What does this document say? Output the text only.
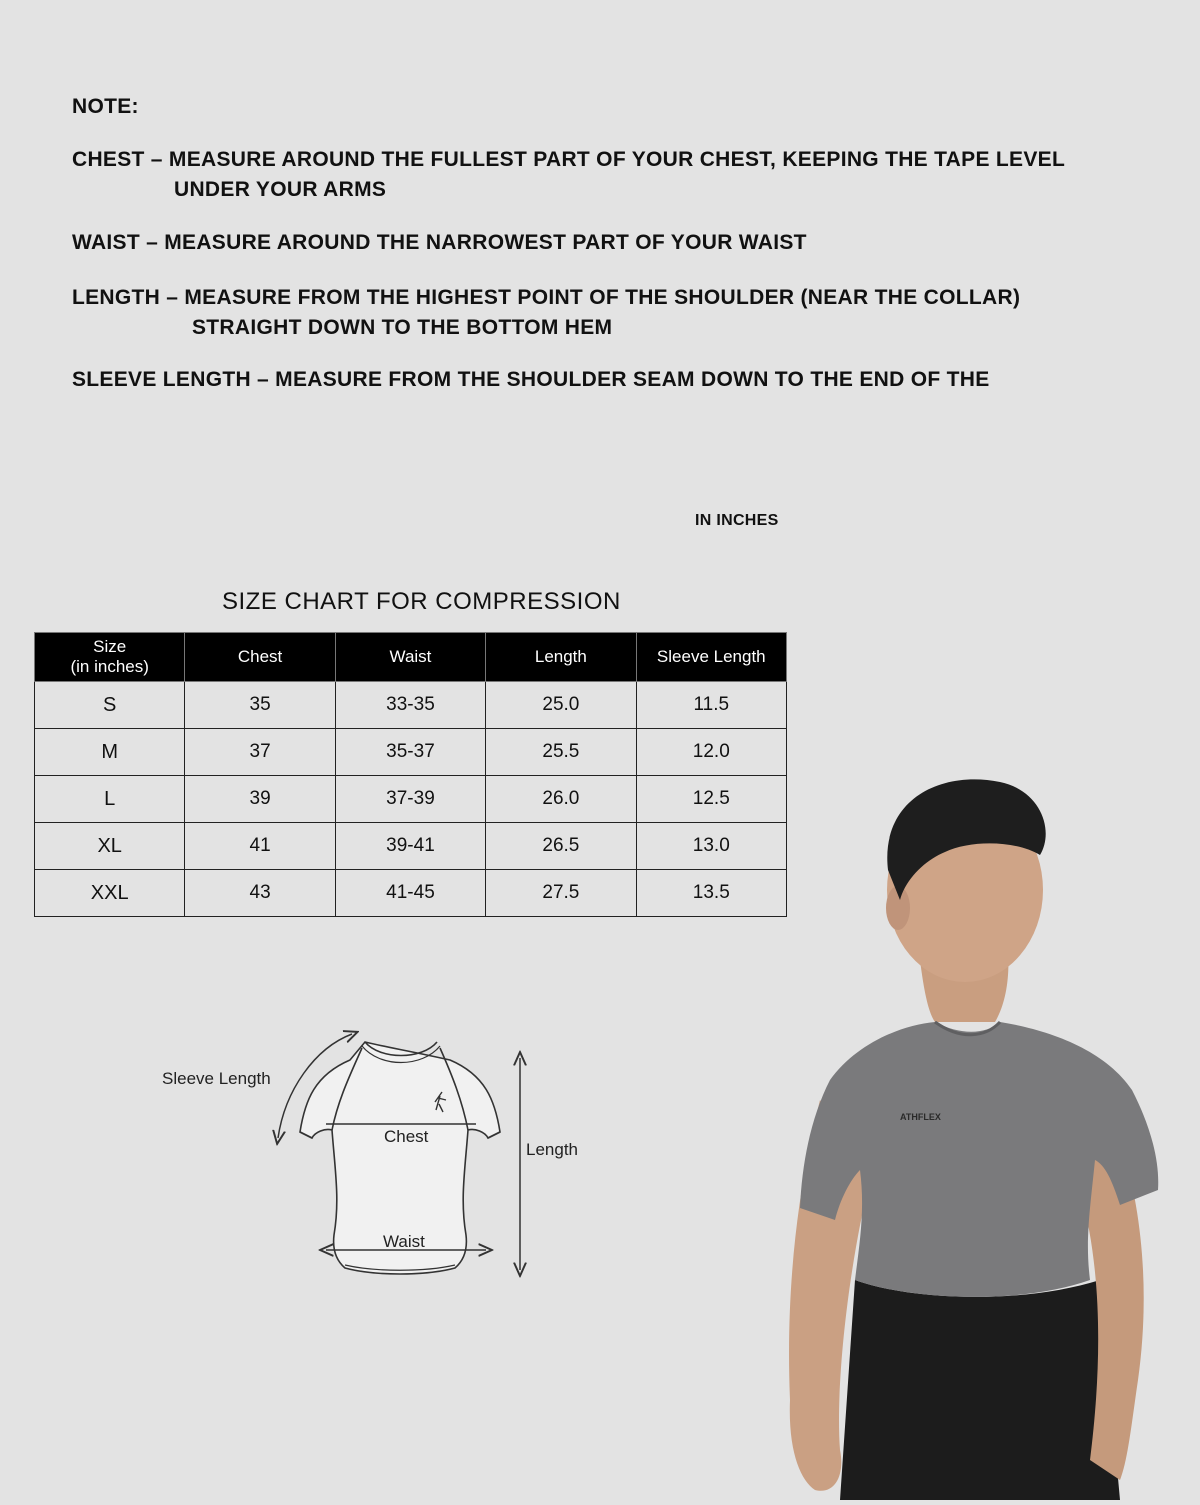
NOTE:
CHEST – MEASURE AROUND THE FULLEST PART OF YOUR CHEST, KEEPING THE TAPE LEVEL
UNDER YOUR ARMS
WAIST – MEASURE AROUND THE NARROWEST PART OF YOUR WAIST
LENGTH – MEASURE FROM THE HIGHEST POINT OF THE SHOULDER (NEAR THE COLLAR)
STRAIGHT DOWN TO THE BOTTOM HEM
SLEEVE LENGTH – MEASURE FROM THE SHOULDER SEAM DOWN TO THE END OF THE
IN INCHES
SIZE CHART FOR COMPRESSION
Size
(in inches)	Chest	Waist	Length	Sleeve Length
S	35	33-35	25.0	11.5
M	37	35-37	25.5	12.0
L	39	37-39	26.0	12.5
XL	41	39-41	26.5	13.0
XXL	43	41-45	27.5	13.5
Sleeve Length
Chest
Waist
Length
ATHFLEX
